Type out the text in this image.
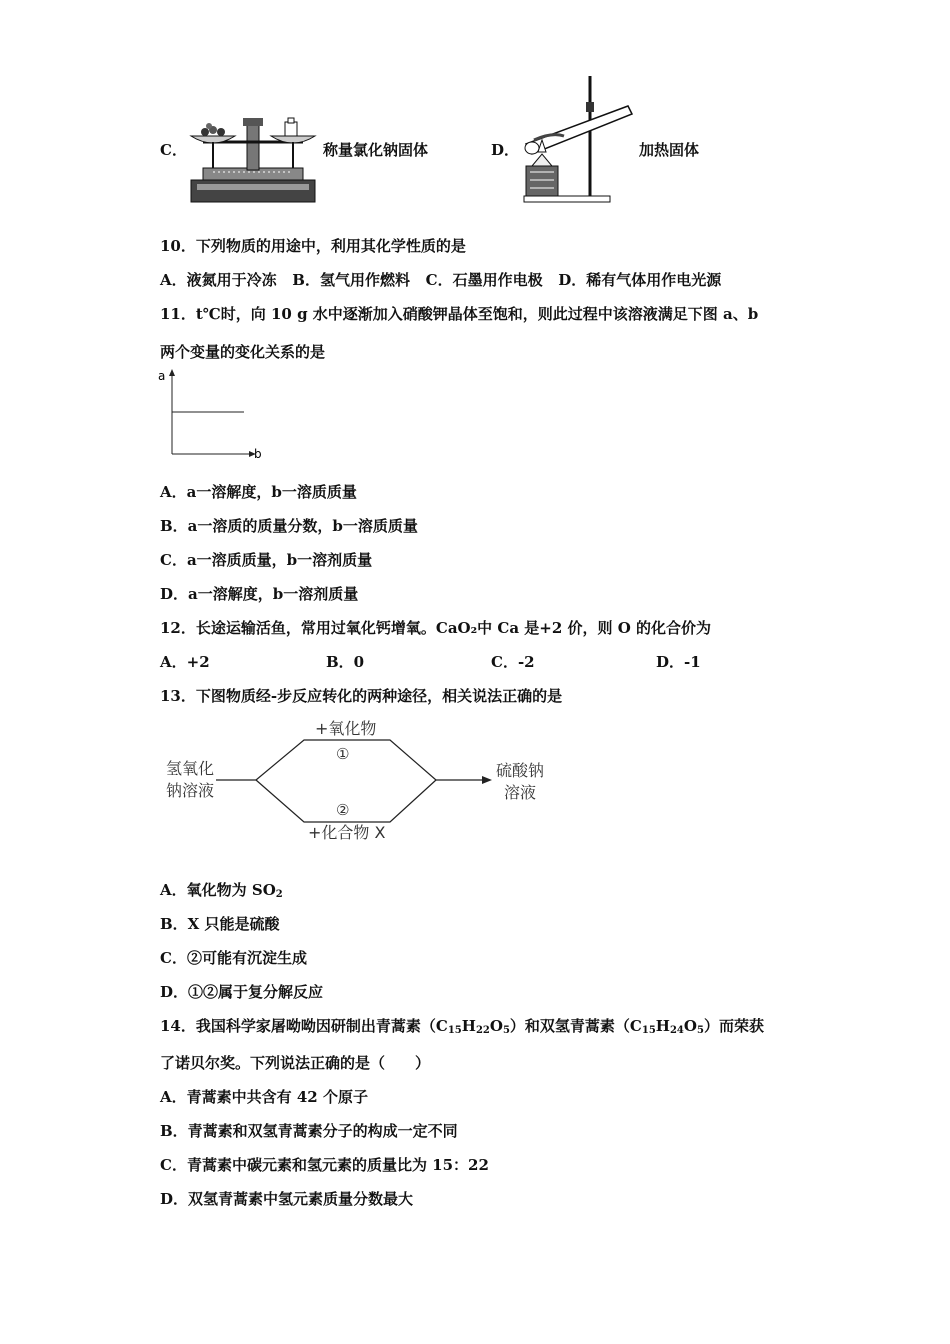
C．	称量氯化钠固体	D．	加热固体
10．下列物质的用途中，利用其化学性质的是
A．液氮用于冷冻   B．氢气用作燃料   C．石墨用作电极   D．稀有气体用作电光源
11．t℃时，向 10 g 水中逐渐加入硝酸钾晶体至饱和，则此过程中该溶液满足下图 a、b
两个变量的变化关系的是
a
b
A．a一溶解度，b一溶质质量
B．a一溶质的质量分数，b一溶质质量
C．a一溶质质量，b一溶剂质量
D．a一溶解度，b一溶剂质量
12．长途运输活鱼，常用过氧化钙增氧。CaO₂中 Ca 是+2 价，则 O 的化合价为
A．+2	B．0	C．-2	D．-1
13．下图物质经-步反应转化的两种途径，相关说法正确的是
氢氧化
钠溶液
+氧化物
①
②
+化合物 X
硫酸钠
溶液
A．氧化物为 $SO_2$
B．X 只能是硫酸
C．②可能有沉淀生成
D．①②属于复分解反应
14．我国科学家屠呦呦因研制出青蒿素$(C_{15}H_{22}O_5)$和双氢青蒿素$(C_{15}H_{24}O_5)$而荣获
了诺贝尔奖。下列说法正确的是（　　）
A．青蒿素中共含有 42 个原子
B．青蒿素和双氢青蒿素分子的构成一定不同
C．青蒿素中碳元素和氢元素的质量比为 15：22
D．双氢青蒿素中氢元素质量分数最大
